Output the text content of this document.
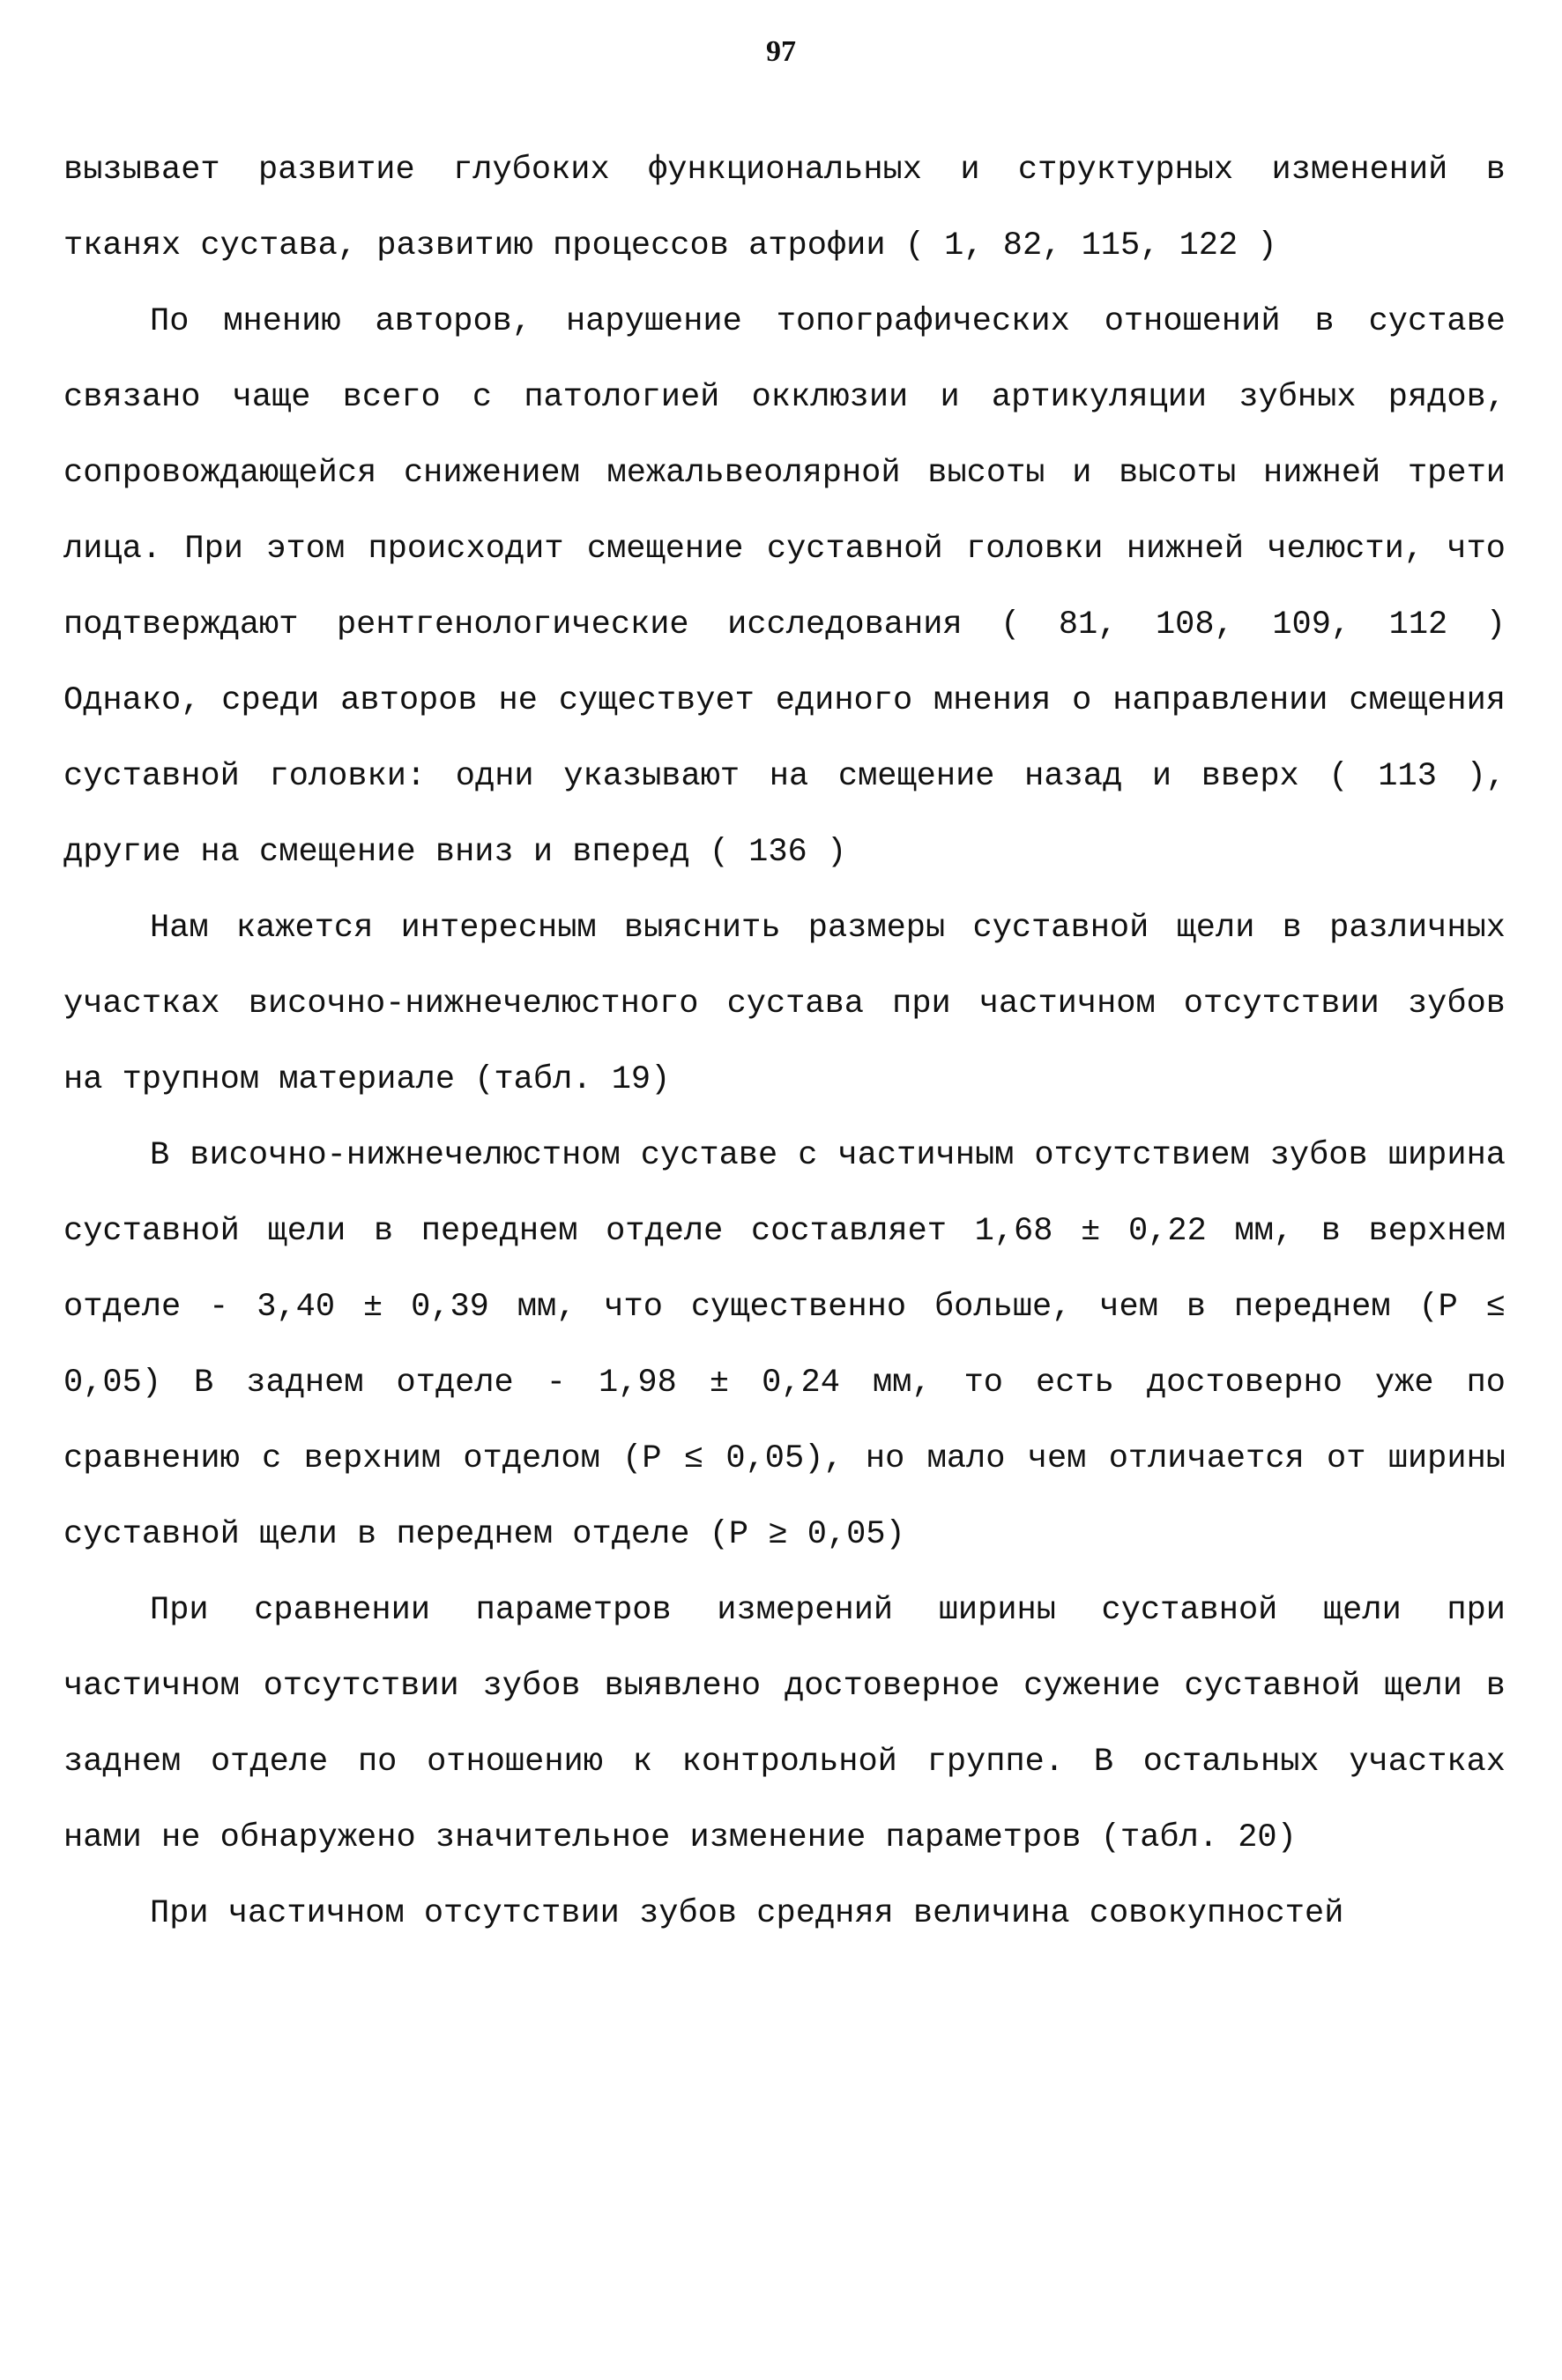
97

вызывает развитие глубоких функциональных и структурных изменений в тканях сустава, развитию процессов атрофии ( 1, 82, 115, 122 )

По мнению авторов, нарушение топографических отношений в суставе связано чаще всего с патологией окклюзии и артикуляции зубных рядов, сопровождающейся снижением межальвеолярной высоты и высоты нижней трети лица. При этом происходит смещение суставной головки нижней челюсти, что подтверждают рентгенологические исследования ( 81, 108, 109, 112 ) Однако, среди авторов не существует единого мнения о направлении смещения суставной головки: одни указывают на смещение назад и вверх ( 113 ), другие на смещение вниз и вперед ( 136 )

Нам кажется интересным выяснить размеры суставной щели в различных участках височно-нижнечелюстного сустава при частичном отсутствии зубов на трупном материале (табл. 19)

В височно-нижнечелюстном суставе с частичным отсутствием зубов ширина суставной щели в переднем отделе составляет 1,68 ± 0,22 мм, в верхнем отделе - 3,40 ± 0,39 мм, что существенно больше, чем в переднем (P ≤ 0,05) В заднем отделе - 1,98 ± 0,24 мм, то есть достоверно уже по сравнению с верхним отделом (P ≤ 0,05), но мало чем отличается от ширины суставной щели в переднем отделе (P ≥ 0,05)

При сравнении параметров измерений ширины суставной щели при частичном отсутствии зубов выявлено достоверное сужение суставной щели в заднем отделе по отношению к контрольной группе. В остальных участках нами не обнаружено значительное изменение параметров (табл. 20)

При частичном отсутствии зубов средняя величина совокупностей
